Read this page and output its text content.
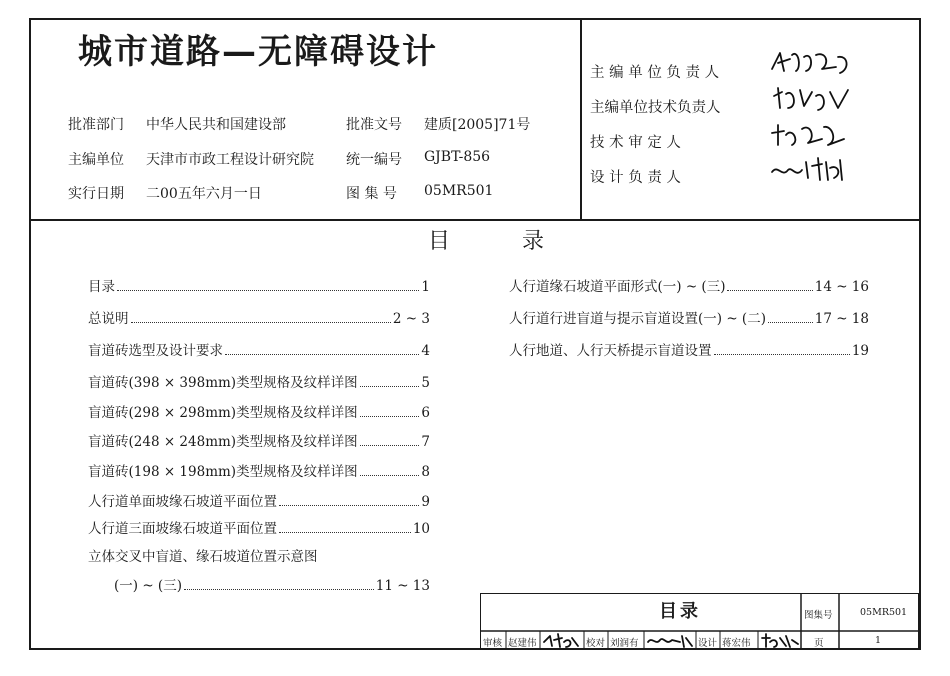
城市道路—无障碍设计
批准部门 中华人民共和国建设部	批准文号 建质[2005]71号
主编单位 天津市市政工程设计研究院 统一编号 GJBT-856
实行日期 二00五年六月一日	图 集 号 05MR501
主 编 单 位 负 责 人
主编单位技术负责人
技 术 审 定 人
设 计 负 责 人
目	录
目录	1
总说明	2 ~ 3
盲道砖选型及设计要求	4
盲道砖(398 × 398mm)类型规格及纹样详图	5
盲道砖(298 × 298mm)类型规格及纹样详图	6
盲道砖(248 × 248mm)类型规格及纹样详图	7
盲道砖(198 × 198mm)类型规格及纹样详图	8
人行道单面坡缘石坡道平面位置	9
人行道三面坡缘石坡道平面位置	10
立体交叉中盲道、缘石坡道位置示意图
(一) ~ (三)	11 ~ 13
人行道缘石坡道平面形式(一) ~ (三)	14 ~ 16
人行道行进盲道与提示盲道设置(一) ~ (二)	17 ~ 18
人行地道、人行天桥提示盲道设置	19
目录	图集号	05MR501
页	1
审核 赵建伟	校对 刘润有	设计 蒋宏伟
